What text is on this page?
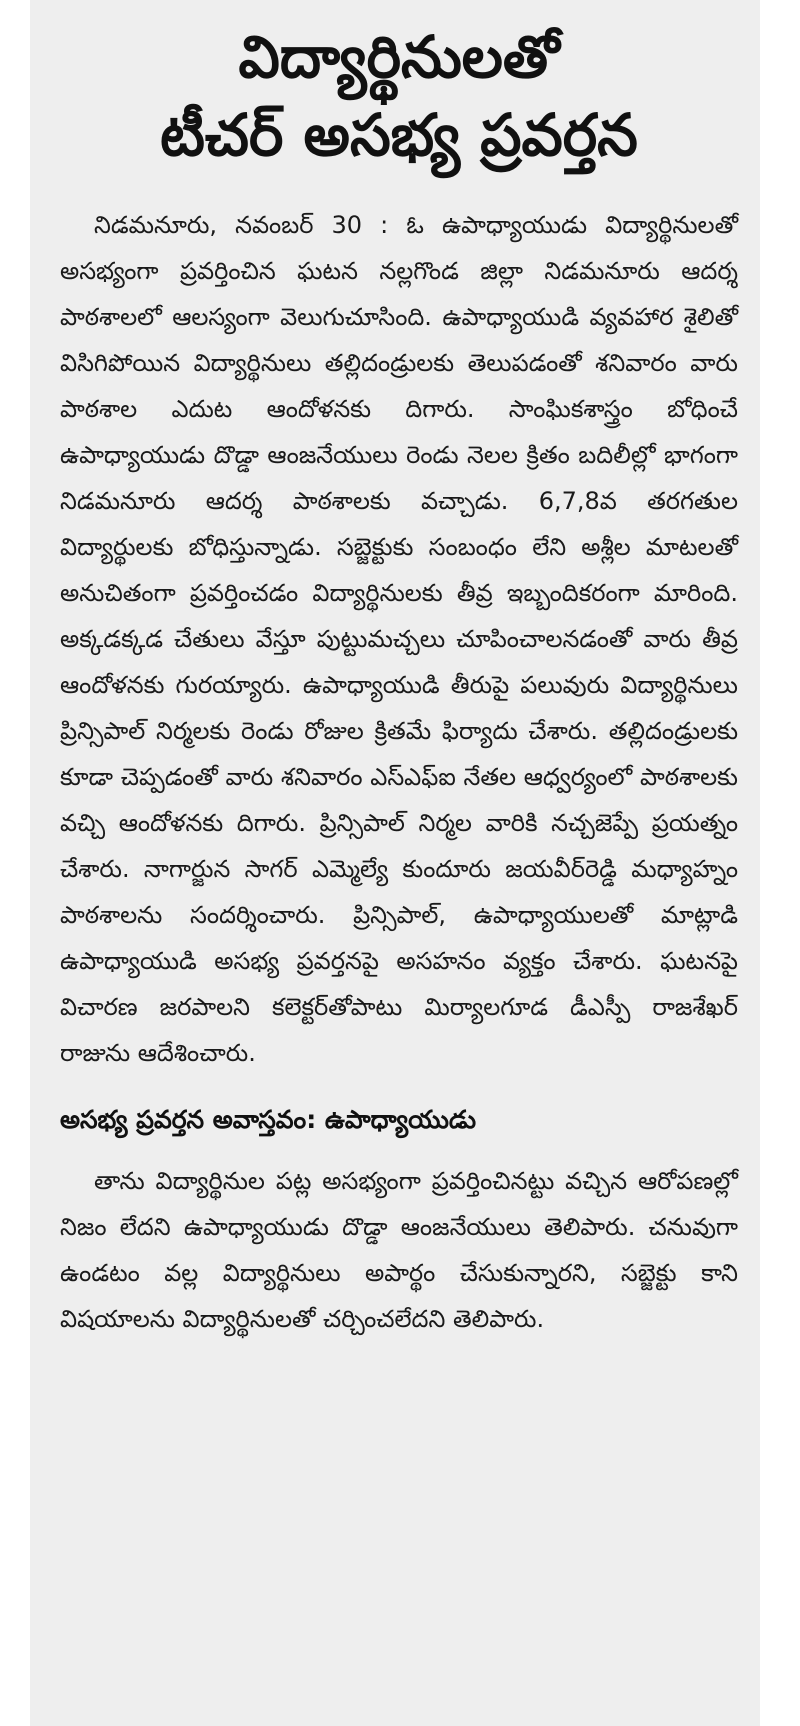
విద్యార్థినులతో
టీచర్ అసభ్య ప్రవర్తన

నిడమనూరు, నవంబర్ 30 : ఓ ఉపాధ్యాయుడు విద్యార్థినులతో అసభ్యంగా ప్రవర్తించిన ఘటన నల్లగొండ జిల్లా నిడమనూరు ఆదర్శ పాఠశాలలో ఆలస్యంగా వెలుగుచూసింది. ఉపాధ్యాయుడి వ్యవహార శైలితో విసిగిపోయిన విద్యార్థినులు తల్లిదండ్రులకు తెలుపడంతో శనివారం వారు పాఠశాల ఎదుట ఆందోళనకు దిగారు. సాంఘికశాస్త్రం బోధించే ఉపాధ్యాయుడు దొడ్డా ఆంజనేయులు రెండు నెలల క్రితం బదిలీల్లో భాగంగా నిడమనూరు ఆదర్శ పాఠశాలకు వచ్చాడు. 6,7,8వ తరగతుల విద్యార్థులకు బోధిస్తున్నాడు. సబ్జెక్టుకు సంబంధం లేని అశ్లీల మాటలతో అనుచితంగా ప్రవర్తించడం విద్యార్థినులకు తీవ్ర ఇబ్బందికరంగా మారింది. అక్కడక్కడ చేతులు వేస్తూ పుట్టుమచ్చలు చూపించాలనడంతో వారు తీవ్ర ఆందోళనకు గురయ్యారు. ఉపాధ్యాయుడి తీరుపై పలువురు విద్యార్థినులు ప్రిన్సిపాల్ నిర్మలకు రెండు రోజుల క్రితమే ఫిర్యాదు చేశారు. తల్లిదండ్రులకు కూడా చెప్పడంతో వారు శనివారం ఎస్ఎఫ్ఐ నేతల ఆధ్వర్యంలో పాఠశాలకు వచ్చి ఆందోళనకు దిగారు. ప్రిన్సిపాల్ నిర్మల వారికి నచ్చజెప్పే ప్రయత్నం చేశారు. నాగార్జున సాగర్ ఎమ్మెల్యే కుందూరు జయవీర్‌రెడ్డి మధ్యాహ్నం పాఠశాలను సందర్శించారు. ప్రిన్సిపాల్, ఉపాధ్యాయులతో మాట్లాడి ఉపాధ్యాయుడి అసభ్య ప్రవర్తనపై అసహనం వ్యక్తం చేశారు. ఘటనపై విచారణ జరపాలని కలెక్టర్‌తోపాటు మిర్యాలగూడ డీఎస్పీ రాజశేఖర్ రాజును ఆదేశించారు.

అసభ్య ప్రవర్తన అవాస్తవం: ఉపాధ్యాయుడు

తాను విద్యార్థినుల పట్ల అసభ్యంగా ప్రవర్తించినట్టు వచ్చిన ఆరోపణల్లో నిజం లేదని ఉపాధ్యాయుడు దొడ్డా ఆంజనేయులు తెలిపారు. చనువుగా ఉండటం వల్ల విద్యార్థినులు అపార్థం చేసుకున్నారని, సబ్జెక్టు కాని విషయాలను విద్యార్థినులతో చర్చించలేదని తెలిపారు.
